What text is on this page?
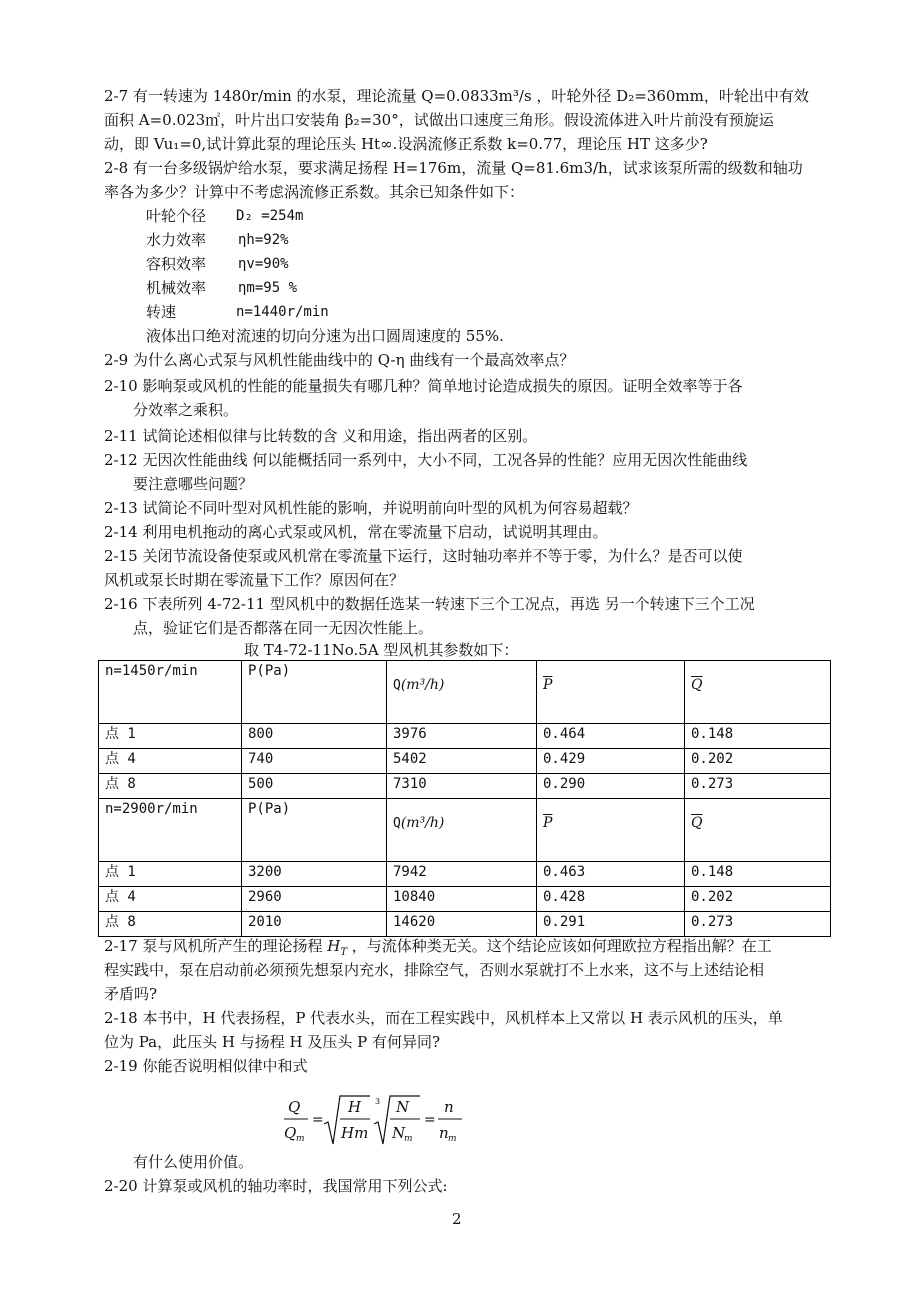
2-7 有一转速为 1480r/min 的水泵，理论流量 Q=0.0833m³/s ，叶轮外径 D₂=360mm，叶轮出中有效
面积 A=0.023㎡，叶片出口安装角 β₂=30°，试做出口速度三角形。假设流体进入叶片前没有预旋运
动，即 Vu₁=0,试计算此泵的理论压头 Ht∞.设涡流修正系数 k=0.77，理论压 HT 这多少?
2-8 有一台多级锅炉给水泵，要求满足扬程 H=176m，流量 Q=81.6m3/h，试求该泵所需的级数和轴功
率各为多少？计算中不考虑涡流修正系数。其余已知条件如下：
叶轮个径 D₂ =254m
水力效率 ηh=92%
容积效率 ηv=90%
机械效率 ηm=95 %
转速	n=1440r/min
液体出口绝对流速的切向分速为出口圆周速度的 55%.
2-9 为什么离心式泵与风机性能曲线中的 Q-η 曲线有一个最高效率点？
2-10 影响泵或风机的性能的能量损失有哪几种？简单地讨论造成损失的原因。证明全效率等于各
分效率之乘积。
2-11 试简论述相似律与比转数的含 义和用途，指出两者的区别。
2-12 无因次性能曲线 何以能概括同一系列中，大小不同，工况各异的性能？应用无因次性能曲线
要注意哪些问题？
2-13 试简论不同叶型对风机性能的影响，并说明前向叶型的风机为何容易超载？
2-14 利用电机拖动的离心式泵或风机，常在零流量下启动，试说明其理由。
2-15 关闭节流设备使泵或风机常在零流量下运行，这时轴功率并不等于零，为什么？是否可以使
风机或泵长时期在零流量下工作？原因何在？
2-16 下表所列 4-72-11 型风机中的数据任选某一转速下三个工况点，再选 另一个转速下三个工况
点，验证它们是否都落在同一无因次性能上。
取 T4-72-11No.5A 型风机其参数如下：
n=1450r/min	P(Pa)	Q(m³/h)	$\overline{P}$	$\overline{Q}$
点 1	800	3976	0.464	0.148
点 4	740	5402	0.429	0.202
点 8	500	7310	0.290	0.273
n=2900r/min	P(Pa)	Q(m³/h)	$\overline{P}$	$\overline{Q}$
点 1	3200	7942	0.463	0.148
点 4	2960	10840	0.428	0.202
点 8	2010	14620	0.291	0.273
2-17 泵与风机所产生的理论扬程 $H_T$ ，与流体种类无关。这个结论应该如何理欧拉方程指出解？在工
程实践中，泵在启动前必须预先想泵内充水，排除空气，否则水泵就打不上水来，这不与上述结论相
矛盾吗?
2-18 本书中，H 代表扬程，P 代表水头，而在工程实践中，风机样本上又常以 H 表示风机的压头，单
位为 Pa，此压头 H 与扬程 H 及压头 P 有何异同?
2-19 你能否说明相似律中和式
Q
Q m
=
H
Hm
3 N
N
m
=
n
n m
有什么使用价值。
2-20 计算泵或风机的轴功率时，我国常用下列公式:
2
